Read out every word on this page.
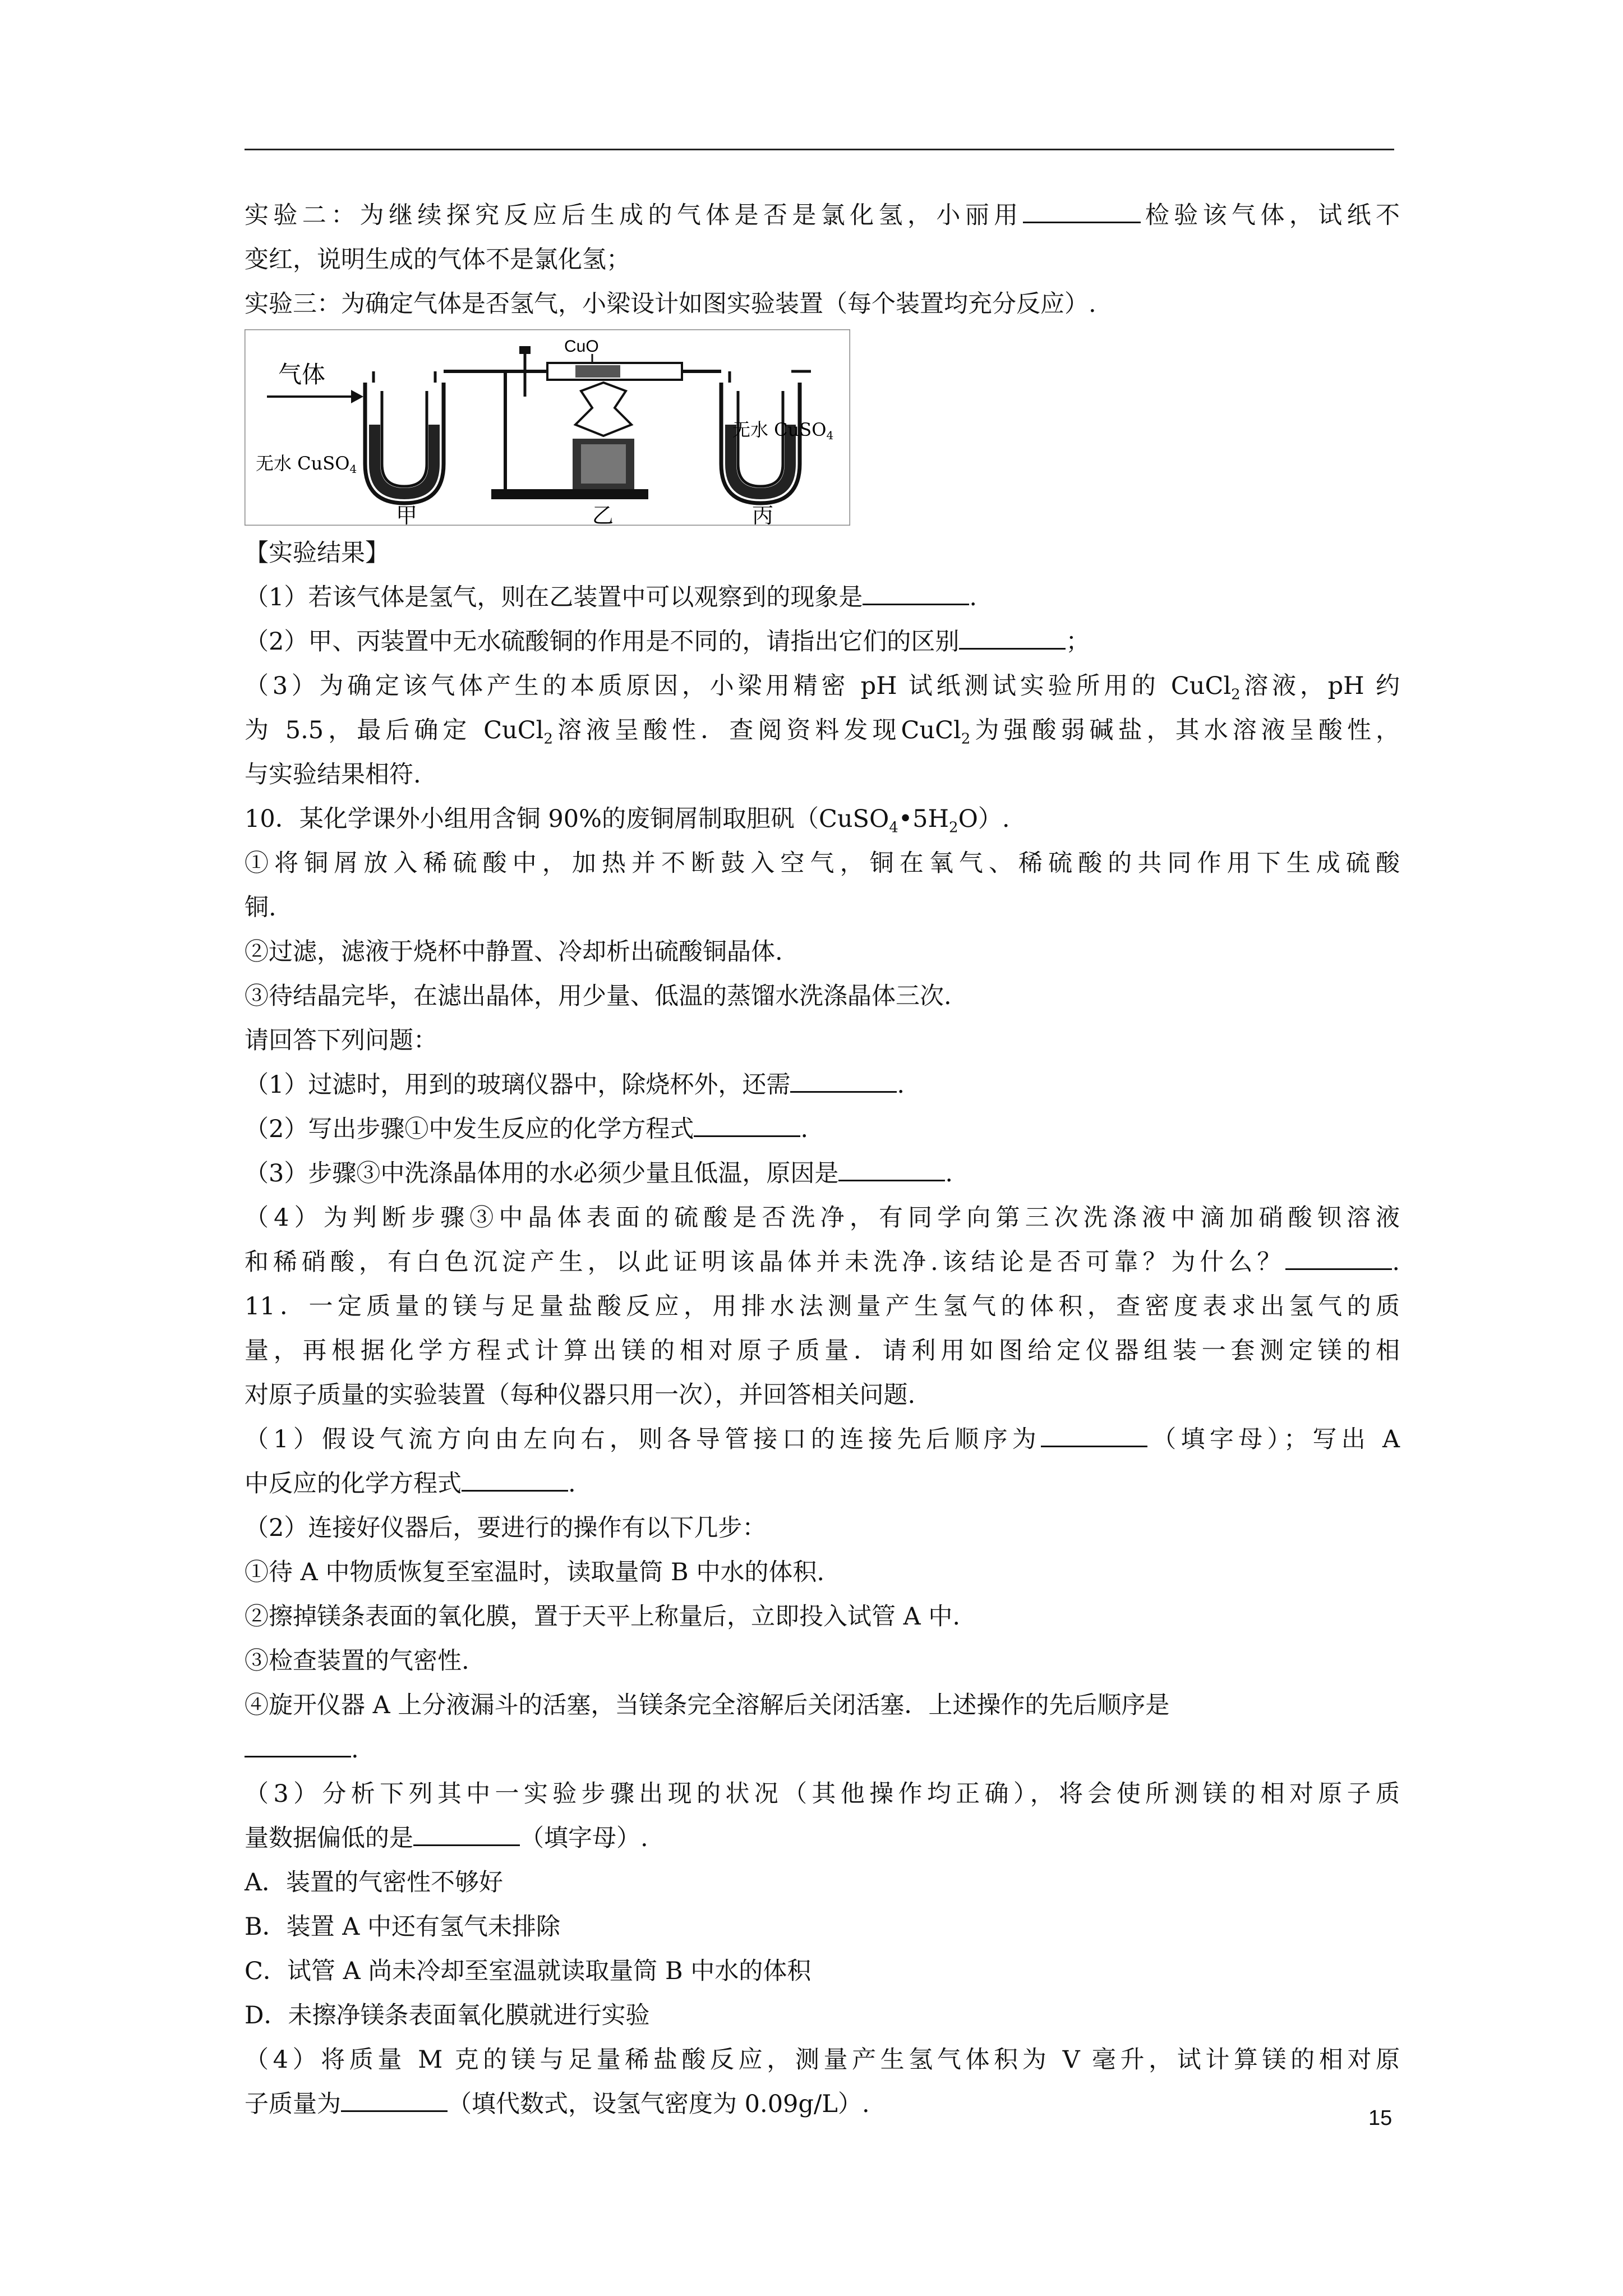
实验二：为继续探究反应后生成的气体是否是氯化氢，小丽用	检验该气体，试纸不
变红，说明生成的气体不是氯化氢；
实验三：为确定气体是否氢气，小梁设计如图实验装置（每个装置均充分反应）.
气体
CuO
无水 CuSO4
无水 CuSO4
甲	乙	丙
【实验结果】
（1）若该气体是氢气，则在乙装置中可以观察到的现象是	.
（2）甲、丙装置中无水硫酸铜的作用是不同的，请指出它们的区别	；
（3）为确定该气体产生的本质原因，小梁用精密 pH 试纸测试实验所用的 CuCl$_2$溶液，pH 约
为 5.5，最后确定 CuCl$_2$溶液呈酸性．查阅资料发现CuCl$_2$为强酸弱碱盐，其水溶液呈酸性，
与实验结果相符.
10．某化学课外小组用含铜 90%的废铜屑制取胆矾$(CuSO_4•5H_2O)$.
①将铜屑放入稀硫酸中，加热并不断鼓入空气，铜在氧气、稀硫酸的共同作用下生成硫酸
铜.
②过滤，滤液于烧杯中静置、冷却析出硫酸铜晶体.
③待结晶完毕，在滤出晶体，用少量、低温的蒸馏水洗涤晶体三次.
请回答下列问题：
（1）过滤时，用到的玻璃仪器中，除烧杯外，还需	.
（2）写出步骤①中发生反应的化学方程式	.
（3）步骤③中洗涤晶体用的水必须少量且低温，原因是	.
（4）为判断步骤③中晶体表面的硫酸是否洗净，有同学向第三次洗涤液中滴加硝酸钡溶液
和稀硝酸，有白色沉淀产生，以此证明该晶体并未洗净.该结论是否可靠？为什么？	.
11．一定质量的镁与足量盐酸反应，用排水法测量产生氢气的体积，查密度表求出氢气的质
量，再根据化学方程式计算出镁的相对原子质量．请利用如图给定仪器组装一套测定镁的相
对原子质量的实验装置（每种仪器只用一次），并回答相关问题.
（1）假设气流方向由左向右，则各导管接口的连接先后顺序为	（填字母）；写出 A
中反应的化学方程式	.
（2）连接好仪器后，要进行的操作有以下几步：
①待 A 中物质恢复至室温时，读取量筒 B 中水的体积.
②擦掉镁条表面的氧化膜，置于天平上称量后，立即投入试管 A 中.
③检查装置的气密性.
④旋开仪器 A 上分液漏斗的活塞，当镁条完全溶解后关闭活塞．上述操作的先后顺序是
.
（3）分析下列其中一实验步骤出现的状况（其他操作均正确），将会使所测镁的相对原子质
量数据偏低的是	（填字母）.
A．装置的气密性不够好
B．装置 A 中还有氢气未排除
C．试管 A 尚未冷却至室温就读取量筒 B 中水的体积
D．未擦净镁条表面氧化膜就进行实验
（4）将质量 M 克的镁与足量稀盐酸反应，测量产生氢气体积为 V 毫升，试计算镁的相对原
子质量为	（填代数式，设氢气密度为 0.09g/L）.	15
